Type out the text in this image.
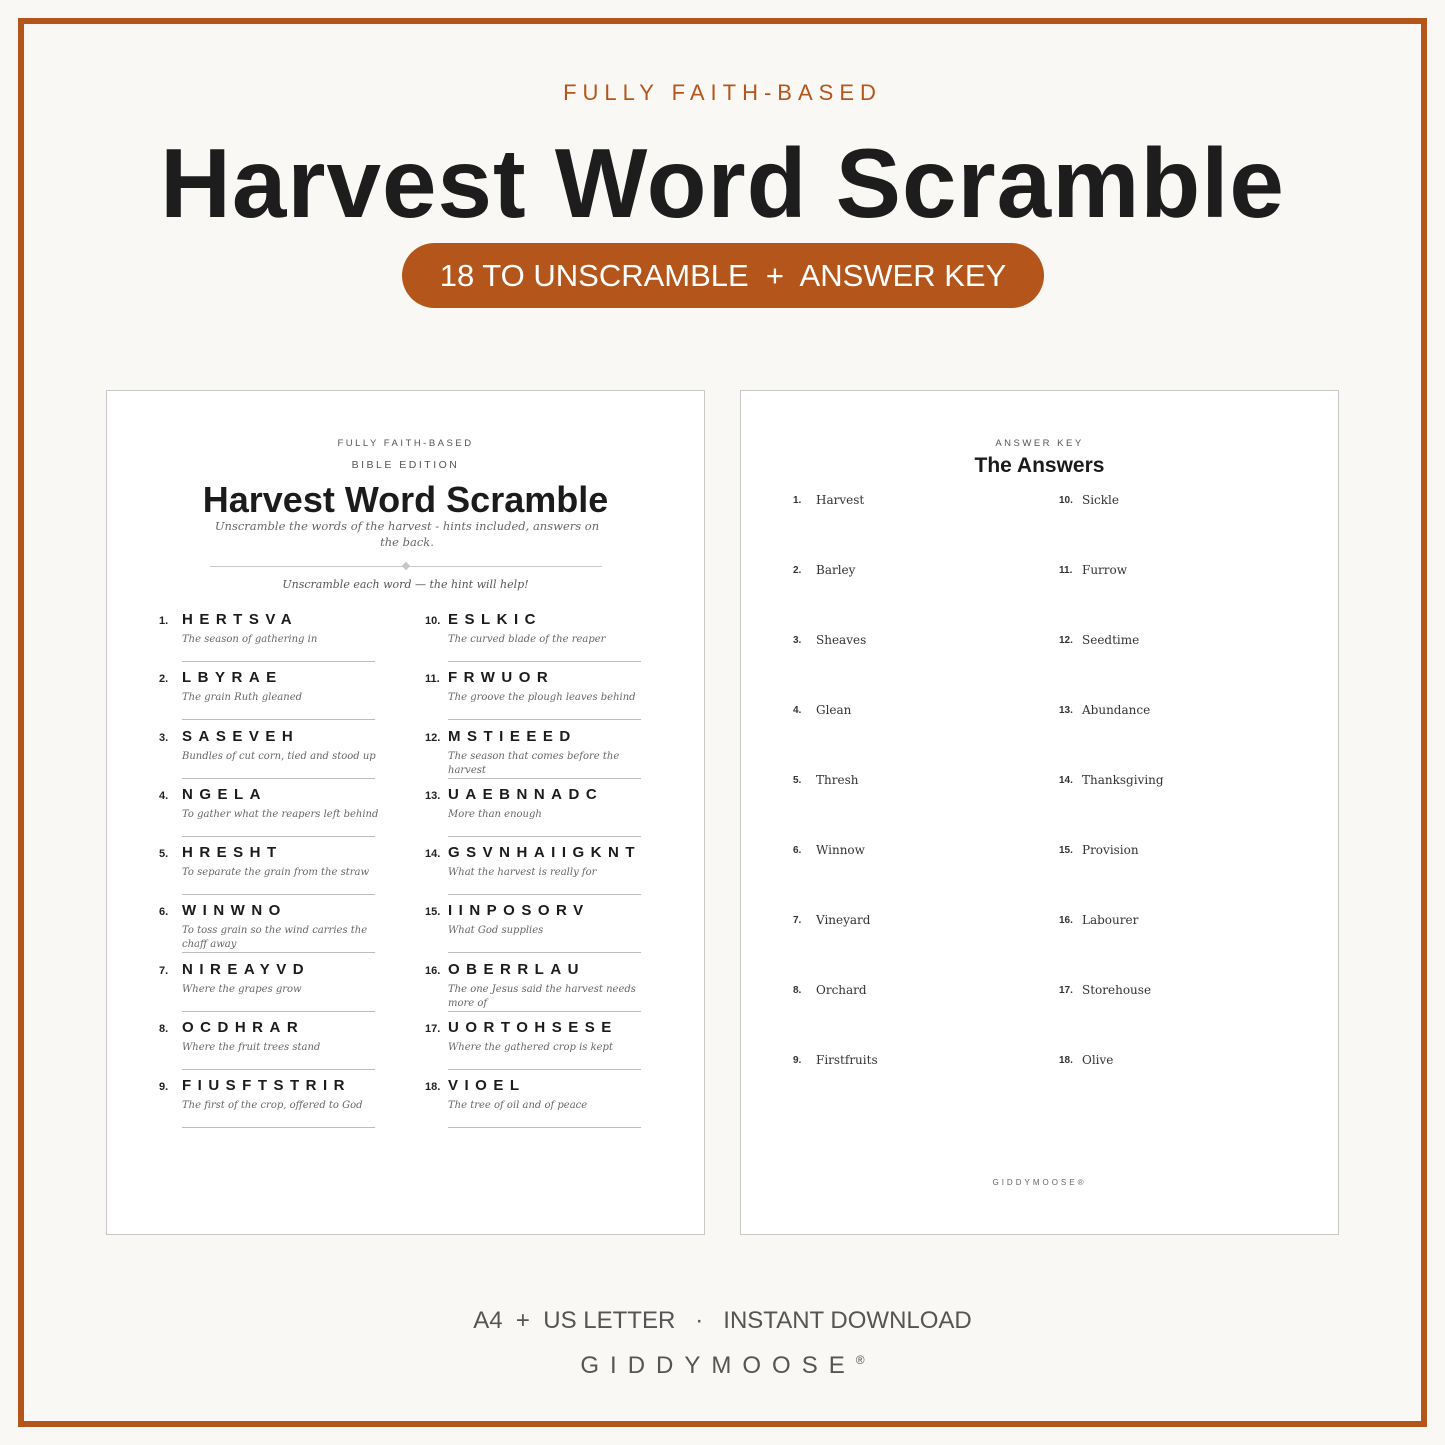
FULLY FAITH-BASED
Harvest Word Scramble
18 TO UNSCRAMBLE  +  ANSWER KEY
FULLY FAITH-BASED
BIBLE EDITION
Harvest Word Scramble
Unscramble the words of the harvest - hints included, answers on the back.
Unscramble each word — the hint will help!
1. HERTSVA
The season of gathering in
2. LBYRAE
The grain Ruth gleaned
3. SASEVEH
Bundles of cut corn, tied and stood up
4. NGELA
To gather what the reapers left behind
5. HRESHT
To separate the grain from the straw
6. WINWNO
To toss grain so the wind carries the chaff away
7. NIREAYVD
Where the grapes grow
8. OCDHRAR
Where the fruit trees stand
9. FIUSFTSTRIR
The first of the crop, offered to God
10. ESLKIC
The curved blade of the reaper
11. FRWUOR
The groove the plough leaves behind
12. MSTIEEED
The season that comes before the harvest
13. UAEBNNADC
More than enough
14. GSVNHAIIGKNT
What the harvest is really for
15. IINPOSORV
What God supplies
16. OBERRLAU
The one Jesus said the harvest needs more of
17. UORTOHSESE
Where the gathered crop is kept
18. VIOEL
The tree of oil and of peace
ANSWER KEY
The Answers
1. Harvest
2. Barley
3. Sheaves
4. Glean
5. Thresh
6. Winnow
7. Vineyard
8. Orchard
9. Firstfruits
10. Sickle
11. Furrow
12. Seedtime
13. Abundance
14. Thanksgiving
15. Provision
16. Labourer
17. Storehouse
18. Olive
GIDDYMOOSE®
A4  +  US LETTER   ·   INSTANT DOWNLOAD
GIDDYMOOSE®
